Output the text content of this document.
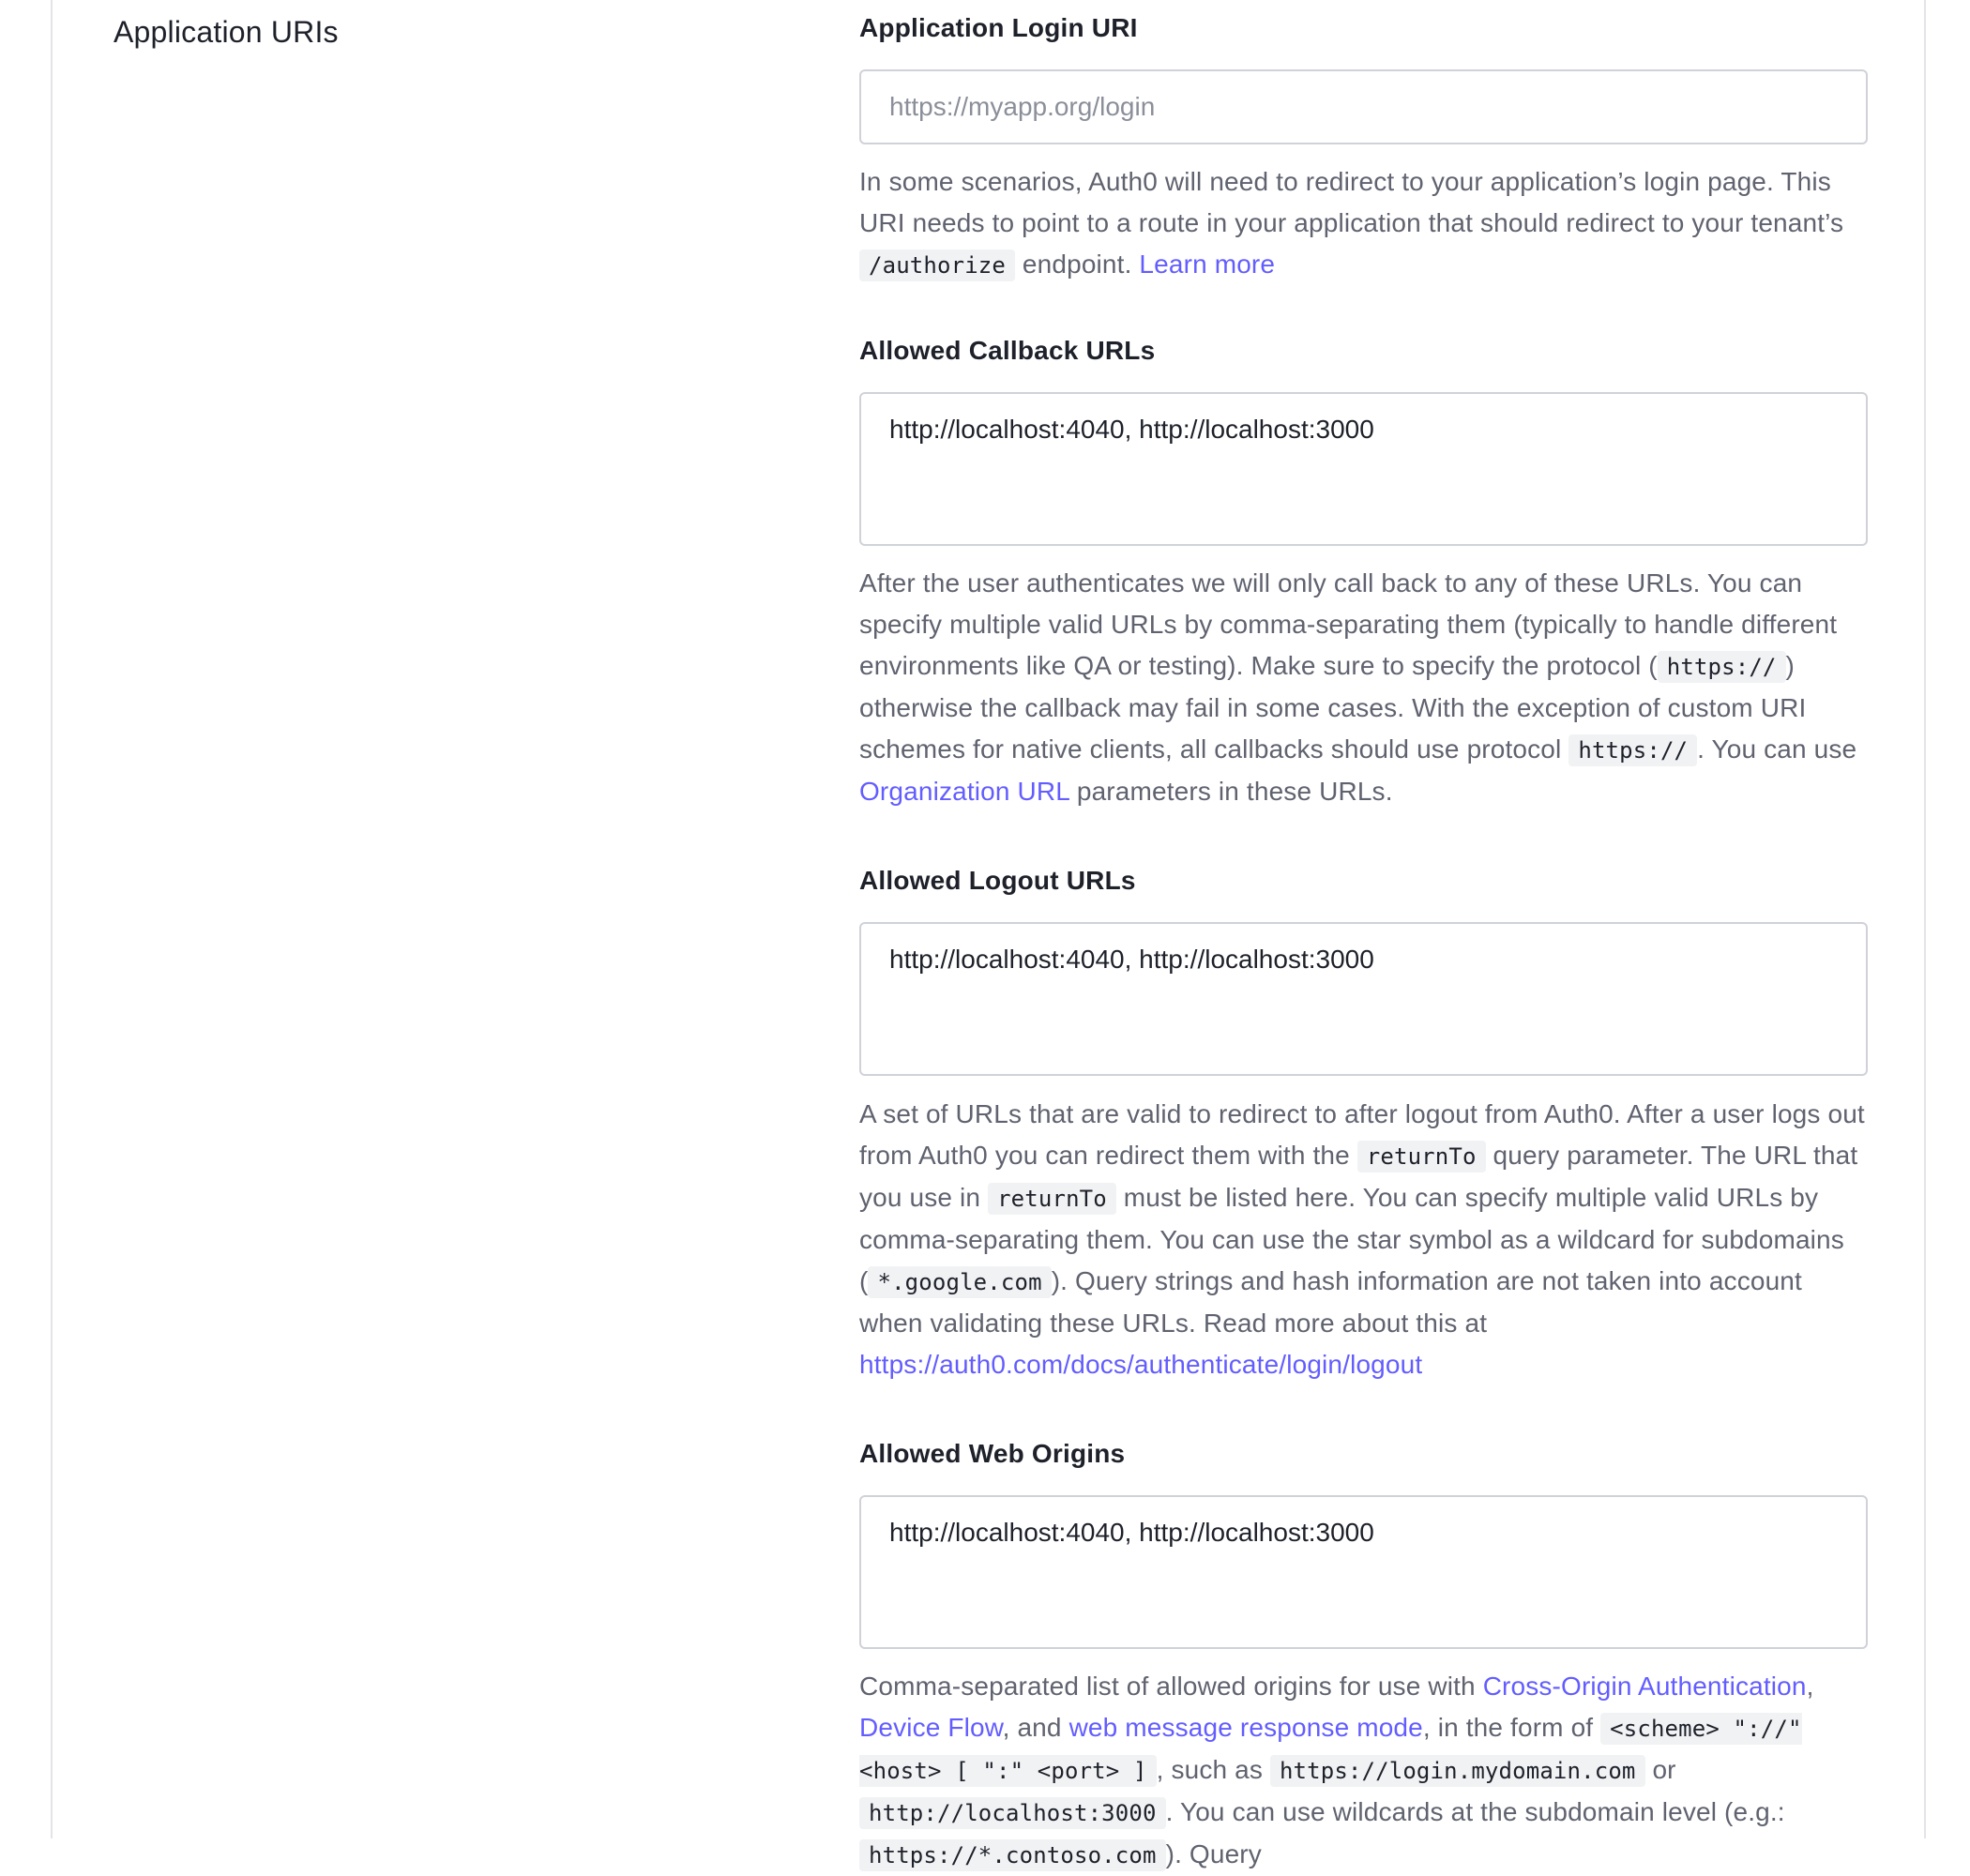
Application URIs	Application Login URI
https://myapp.org/login

In some scenarios, Auth0 will need to redirect to your application’s login page. This URI needs to point to a route in your application that should redirect to your tenant’s /authorize endpoint. Learn more

Allowed Callback URLs
http://localhost:4040, http://localhost:3000

After the user authenticates we will only call back to any of these URLs. You can specify multiple valid URLs by comma-separating them (typically to handle different environments like QA or testing). Make sure to specify the protocol ( https:// ) otherwise the callback may fail in some cases. With the exception of custom URI schemes for native clients, all callbacks should use protocol https:// . You can use Organization URL parameters in these URLs.

Allowed Logout URLs
http://localhost:4040, http://localhost:3000

A set of URLs that are valid to redirect to after logout from Auth0. After a user logs out from Auth0 you can redirect them with the returnTo query parameter. The URL that you use in returnTo must be listed here. You can specify multiple valid URLs by comma-separating them. You can use the star symbol as a wildcard for subdomains ( *.google.com ). Query strings and hash information are not taken into account when validating these URLs. Read more about this at https://auth0.com/docs/authenticate/login/logout

Allowed Web Origins
http://localhost:4040, http://localhost:3000

Comma-separated list of allowed origins for use with Cross-Origin Authentication, Device Flow, and web message response mode, in the form of <scheme> "://" <host> [ ":" <port> ] , such as https://login.mydomain.com or http://localhost:3000 . You can use wildcards at the subdomain level (e.g.: https://*.contoso.com ). Query
